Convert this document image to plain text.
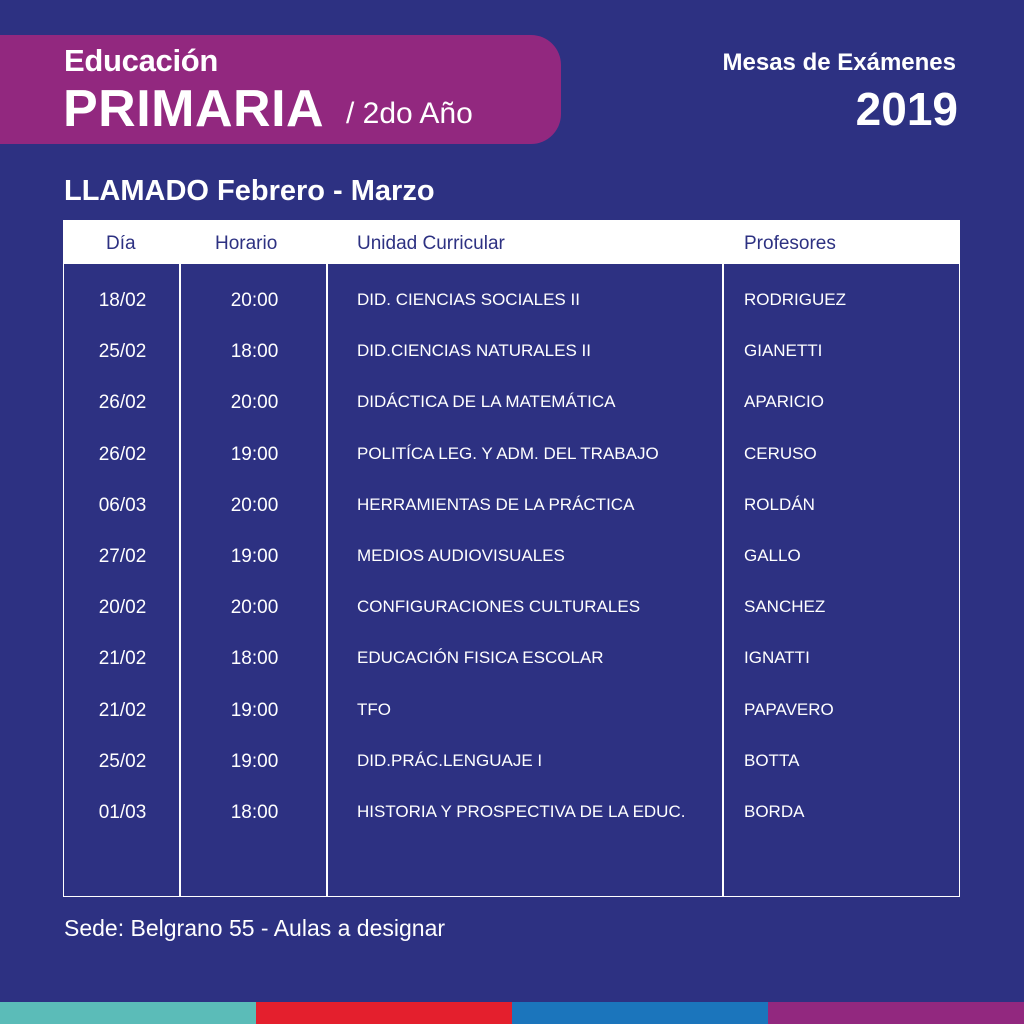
Educación
PRIMARIA / 2do Año
Mesas de Exámenes
2019
LLAMADO Febrero - Marzo
Día	Horario	Unidad Curricular	Profesores
18/02	20:00	DID. CIENCIAS SOCIALES II	RODRIGUEZ
25/02	18:00	DID.CIENCIAS NATURALES II	GIANETTI
26/02	20:00	DIDÁCTICA DE LA MATEMÁTICA	APARICIO
26/02	19:00	POLITÍCA LEG. Y ADM. DEL TRABAJO	CERUSO
06/03	20:00	HERRAMIENTAS DE LA PRÁCTICA	ROLDÁN
27/02	19:00	MEDIOS AUDIOVISUALES	GALLO
20/02	20:00	CONFIGURACIONES CULTURALES	SANCHEZ
21/02	18:00	EDUCACIÓN FISICA ESCOLAR	IGNATTI
21/02	19:00	TFO	PAPAVERO
25/02	19:00	DID.PRÁC.LENGUAJE I	BOTTA
01/03	18:00	HISTORIA Y PROSPECTIVA DE LA EDUC.	BORDA
Sede: Belgrano 55 - Aulas a designar
